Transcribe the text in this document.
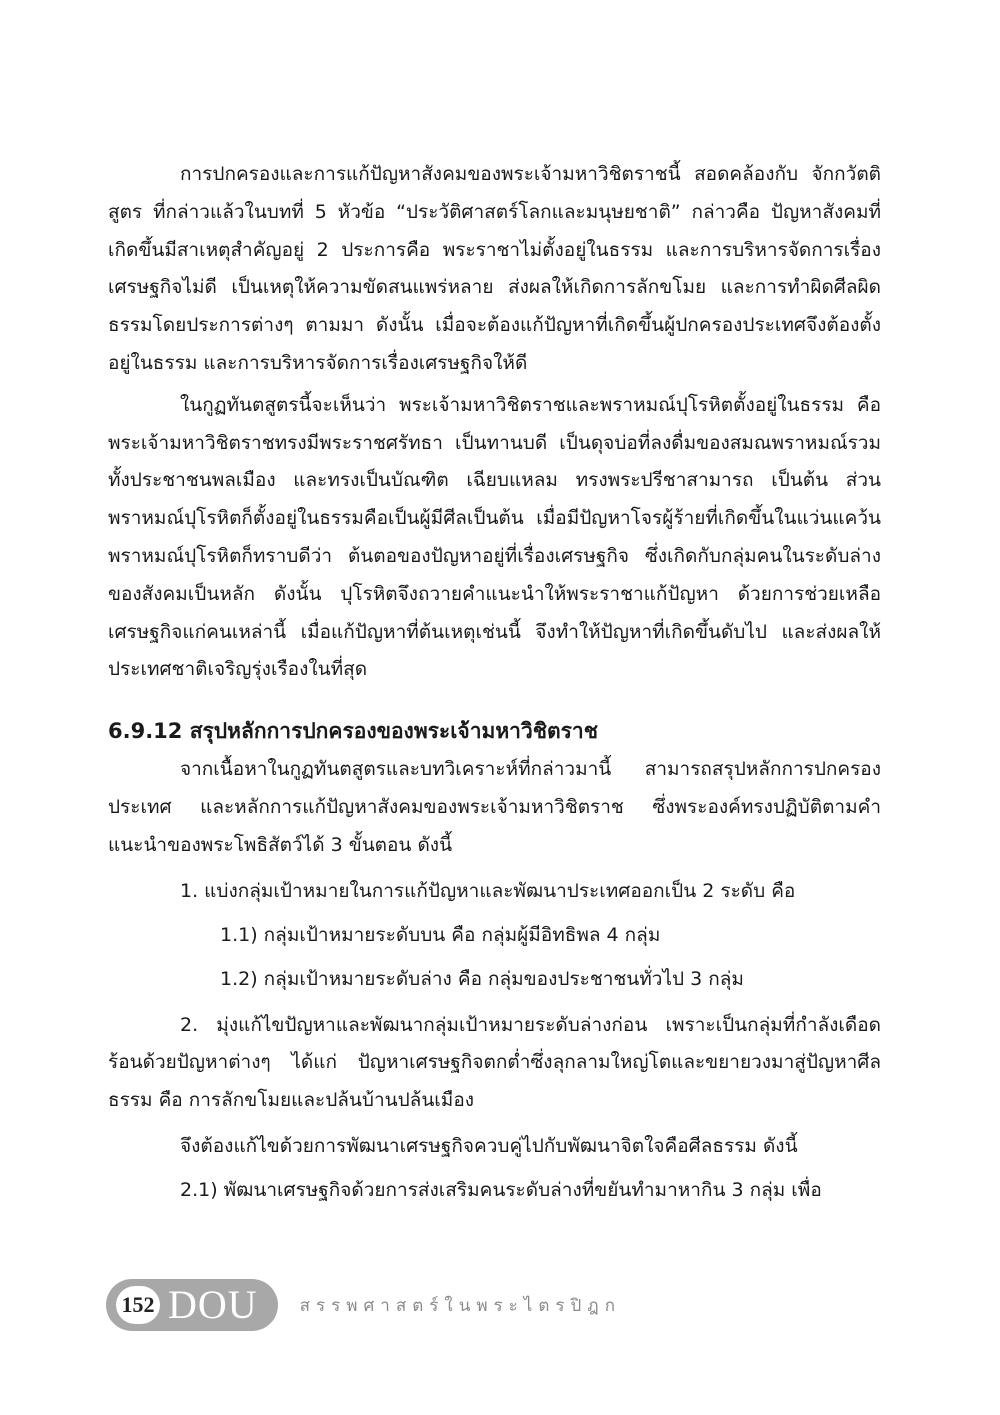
การปกครองและการแก้ปัญหาสังคมของพระเจ้ามหาวิชิตราชนี้ สอดคล้องกับ จักกวัตติสูตร ที่กล่าวแล้วในบทที่ 5 หัวข้อ “ประวัติศาสตร์โลกและมนุษยชาติ” กล่าวคือ ปัญหาสังคมที่เกิดขึ้นมีสาเหตุสำคัญอยู่ 2 ประการคือ พระราชาไม่ตั้งอยู่ในธรรม และการบริหารจัดการเรื่องเศรษฐกิจไม่ดี เป็นเหตุให้ความขัดสนแพร่หลาย ส่งผลให้เกิดการลักขโมย และการทำผิดศีลผิดธรรมโดยประการต่างๆ ตามมา ดังนั้น เมื่อจะต้องแก้ปัญหาที่เกิดขึ้นผู้ปกครองประเทศจึงต้องตั้งอยู่ในธรรม และการบริหารจัดการเรื่องเศรษฐกิจให้ดี

ในกูฏทันตสูตรนี้จะเห็นว่า พระเจ้ามหาวิชิตราชและพราหมณ์ปุโรหิตตั้งอยู่ในธรรม คือ พระเจ้ามหาวิชิตราชทรงมีพระราชศรัทธา เป็นทานบดี เป็นดุจบ่อที่ลงดื่มของสมณพราหมณ์รวมทั้งประชาชนพลเมือง และทรงเป็นบัณฑิต เฉียบแหลม ทรงพระปรีชาสามารถ เป็นต้น ส่วนพราหมณ์ปุโรหิตก็ตั้งอยู่ในธรรมคือเป็นผู้มีศีลเป็นต้น เมื่อมีปัญหาโจรผู้ร้ายที่เกิดขึ้นในแว่นแคว้น พราหมณ์ปุโรหิตก็ทราบดีว่า ต้นตอของปัญหาอยู่ที่เรื่องเศรษฐกิจ ซึ่งเกิดกับกลุ่มคนในระดับล่างของสังคมเป็นหลัก ดังนั้น ปุโรหิตจึงถวายคำแนะนำให้พระราชาแก้ปัญหา ด้วยการช่วยเหลือเศรษฐกิจแก่คนเหล่านี้ เมื่อแก้ปัญหาที่ต้นเหตุเช่นนี้ จึงทำให้ปัญหาที่เกิดขึ้นดับไป และส่งผลให้ประเทศชาติเจริญรุ่งเรืองในที่สุด

6.9.12 สรุปหลักการปกครองของพระเจ้ามหาวิชิตราช

จากเนื้อหาในกูฏทันตสูตรและบทวิเคราะห์ที่กล่าวมานี้ สามารถสรุปหลักการปกครองประเทศ และหลักการแก้ปัญหาสังคมของพระเจ้ามหาวิชิตราช ซึ่งพระองค์ทรงปฏิบัติตามคำแนะนำของพระโพธิสัตว์ได้ 3 ขั้นตอน ดังนี้

1. แบ่งกลุ่มเป้าหมายในการแก้ปัญหาและพัฒนาประเทศออกเป็น 2 ระดับ คือ

1.1) กลุ่มเป้าหมายระดับบน คือ กลุ่มผู้มีอิทธิพล 4 กลุ่ม

1.2) กลุ่มเป้าหมายระดับล่าง คือ กลุ่มของประชาชนทั่วไป 3 กลุ่ม

2. มุ่งแก้ไขปัญหาและพัฒนากลุ่มเป้าหมายระดับล่างก่อน เพราะเป็นกลุ่มที่กำลังเดือดร้อนด้วยปัญหาต่างๆ ได้แก่ ปัญหาเศรษฐกิจตกต่ำซึ่งลุกลามใหญ่โตและขยายวงมาสู่ปัญหาศีลธรรม คือ การลักขโมยและปล้นบ้านปล้นเมือง

จึงต้องแก้ไขด้วยการพัฒนาเศรษฐกิจควบคู่ไปกับพัฒนาจิตใจคือศีลธรรม ดังนี้

2.1) พัฒนาเศรษฐกิจด้วยการส่งเสริมคนระดับล่างที่ขยันทำมาหากิน 3 กลุ่ม เพื่อ

152 DOU สรรพศาสตร์ในพระไตรปิฎก
